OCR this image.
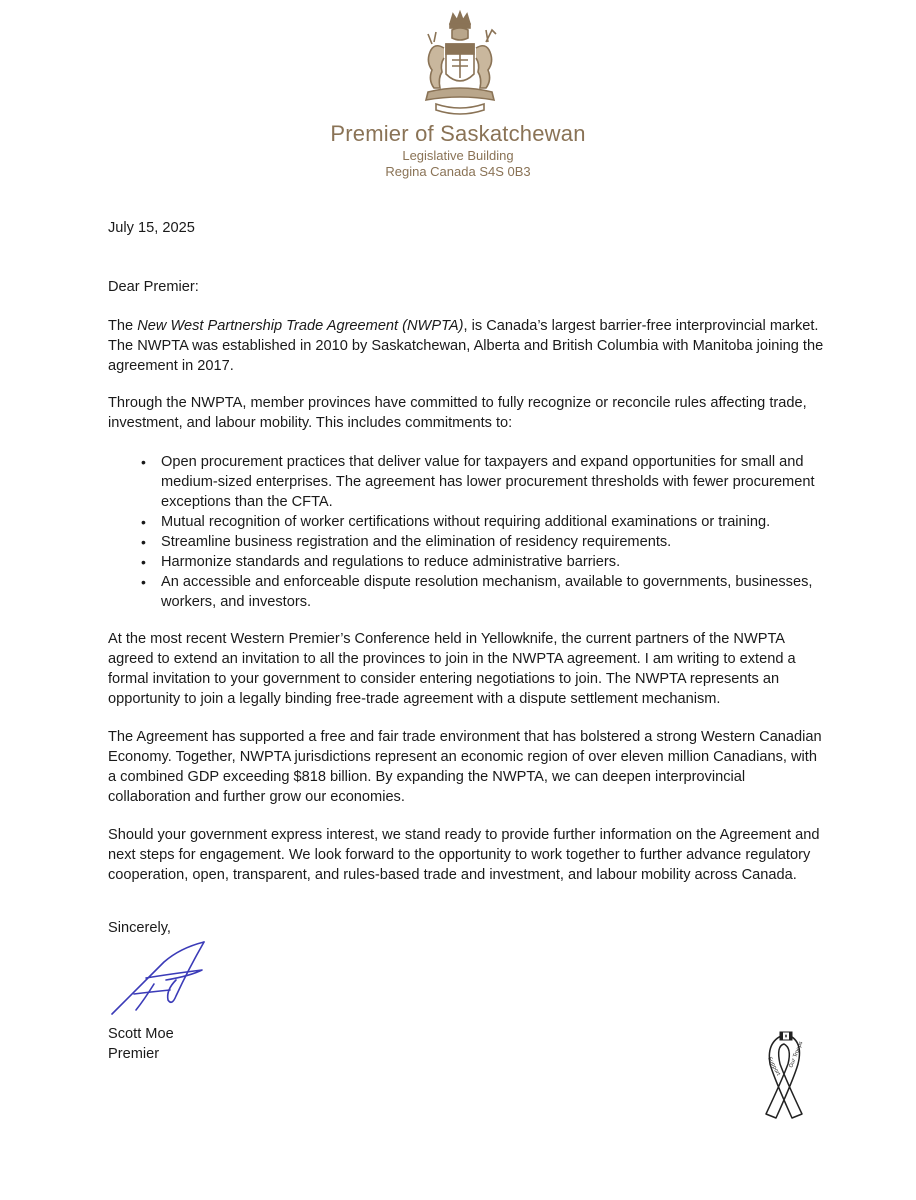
Premier of Saskatchewan
Legislative Building
Regina Canada S4S 0B3
July 15, 2025
Dear Premier:
The New West Partnership Trade Agreement (NWPTA), is Canada’s largest barrier-free interprovincial market. The NWPTA was established in 2010 by Saskatchewan, Alberta and British Columbia with Manitoba joining the agreement in 2017.
Through the NWPTA, member provinces have committed to fully recognize or reconcile rules affecting trade, investment, and labour mobility. This includes commitments to:
• Open procurement practices that deliver value for taxpayers and expand opportunities for small and medium-sized enterprises. The agreement has lower procurement thresholds with fewer procurement exceptions than the CFTA.
• Mutual recognition of worker certifications without requiring additional examinations or training.
• Streamline business registration and the elimination of residency requirements.
• Harmonize standards and regulations to reduce administrative barriers.
• An accessible and enforceable dispute resolution mechanism, available to governments, businesses, workers, and investors.
At the most recent Western Premier’s Conference held in Yellowknife, the current partners of the NWPTA agreed to extend an invitation to all the provinces to join in the NWPTA agreement. I am writing to extend a formal invitation to your government to consider entering negotiations to join. The NWPTA represents an opportunity to join a legally binding free-trade agreement with a dispute settlement mechanism.
The Agreement has supported a free and fair trade environment that has bolstered a strong Western Canadian Economy. Together, NWPTA jurisdictions represent an economic region of over eleven million Canadians, with a combined GDP exceeding $818 billion. By expanding the NWPTA, we can deepen interprovincial collaboration and further grow our economies.
Should your government express interest, we stand ready to provide further information on the Agreement and next steps for engagement. We look forward to the opportunity to work together to further advance regulatory cooperation, open, transparent, and rules-based trade and investment, and labour mobility across Canada.
Sincerely,
Scott Moe
Premier
Support Our Troops
